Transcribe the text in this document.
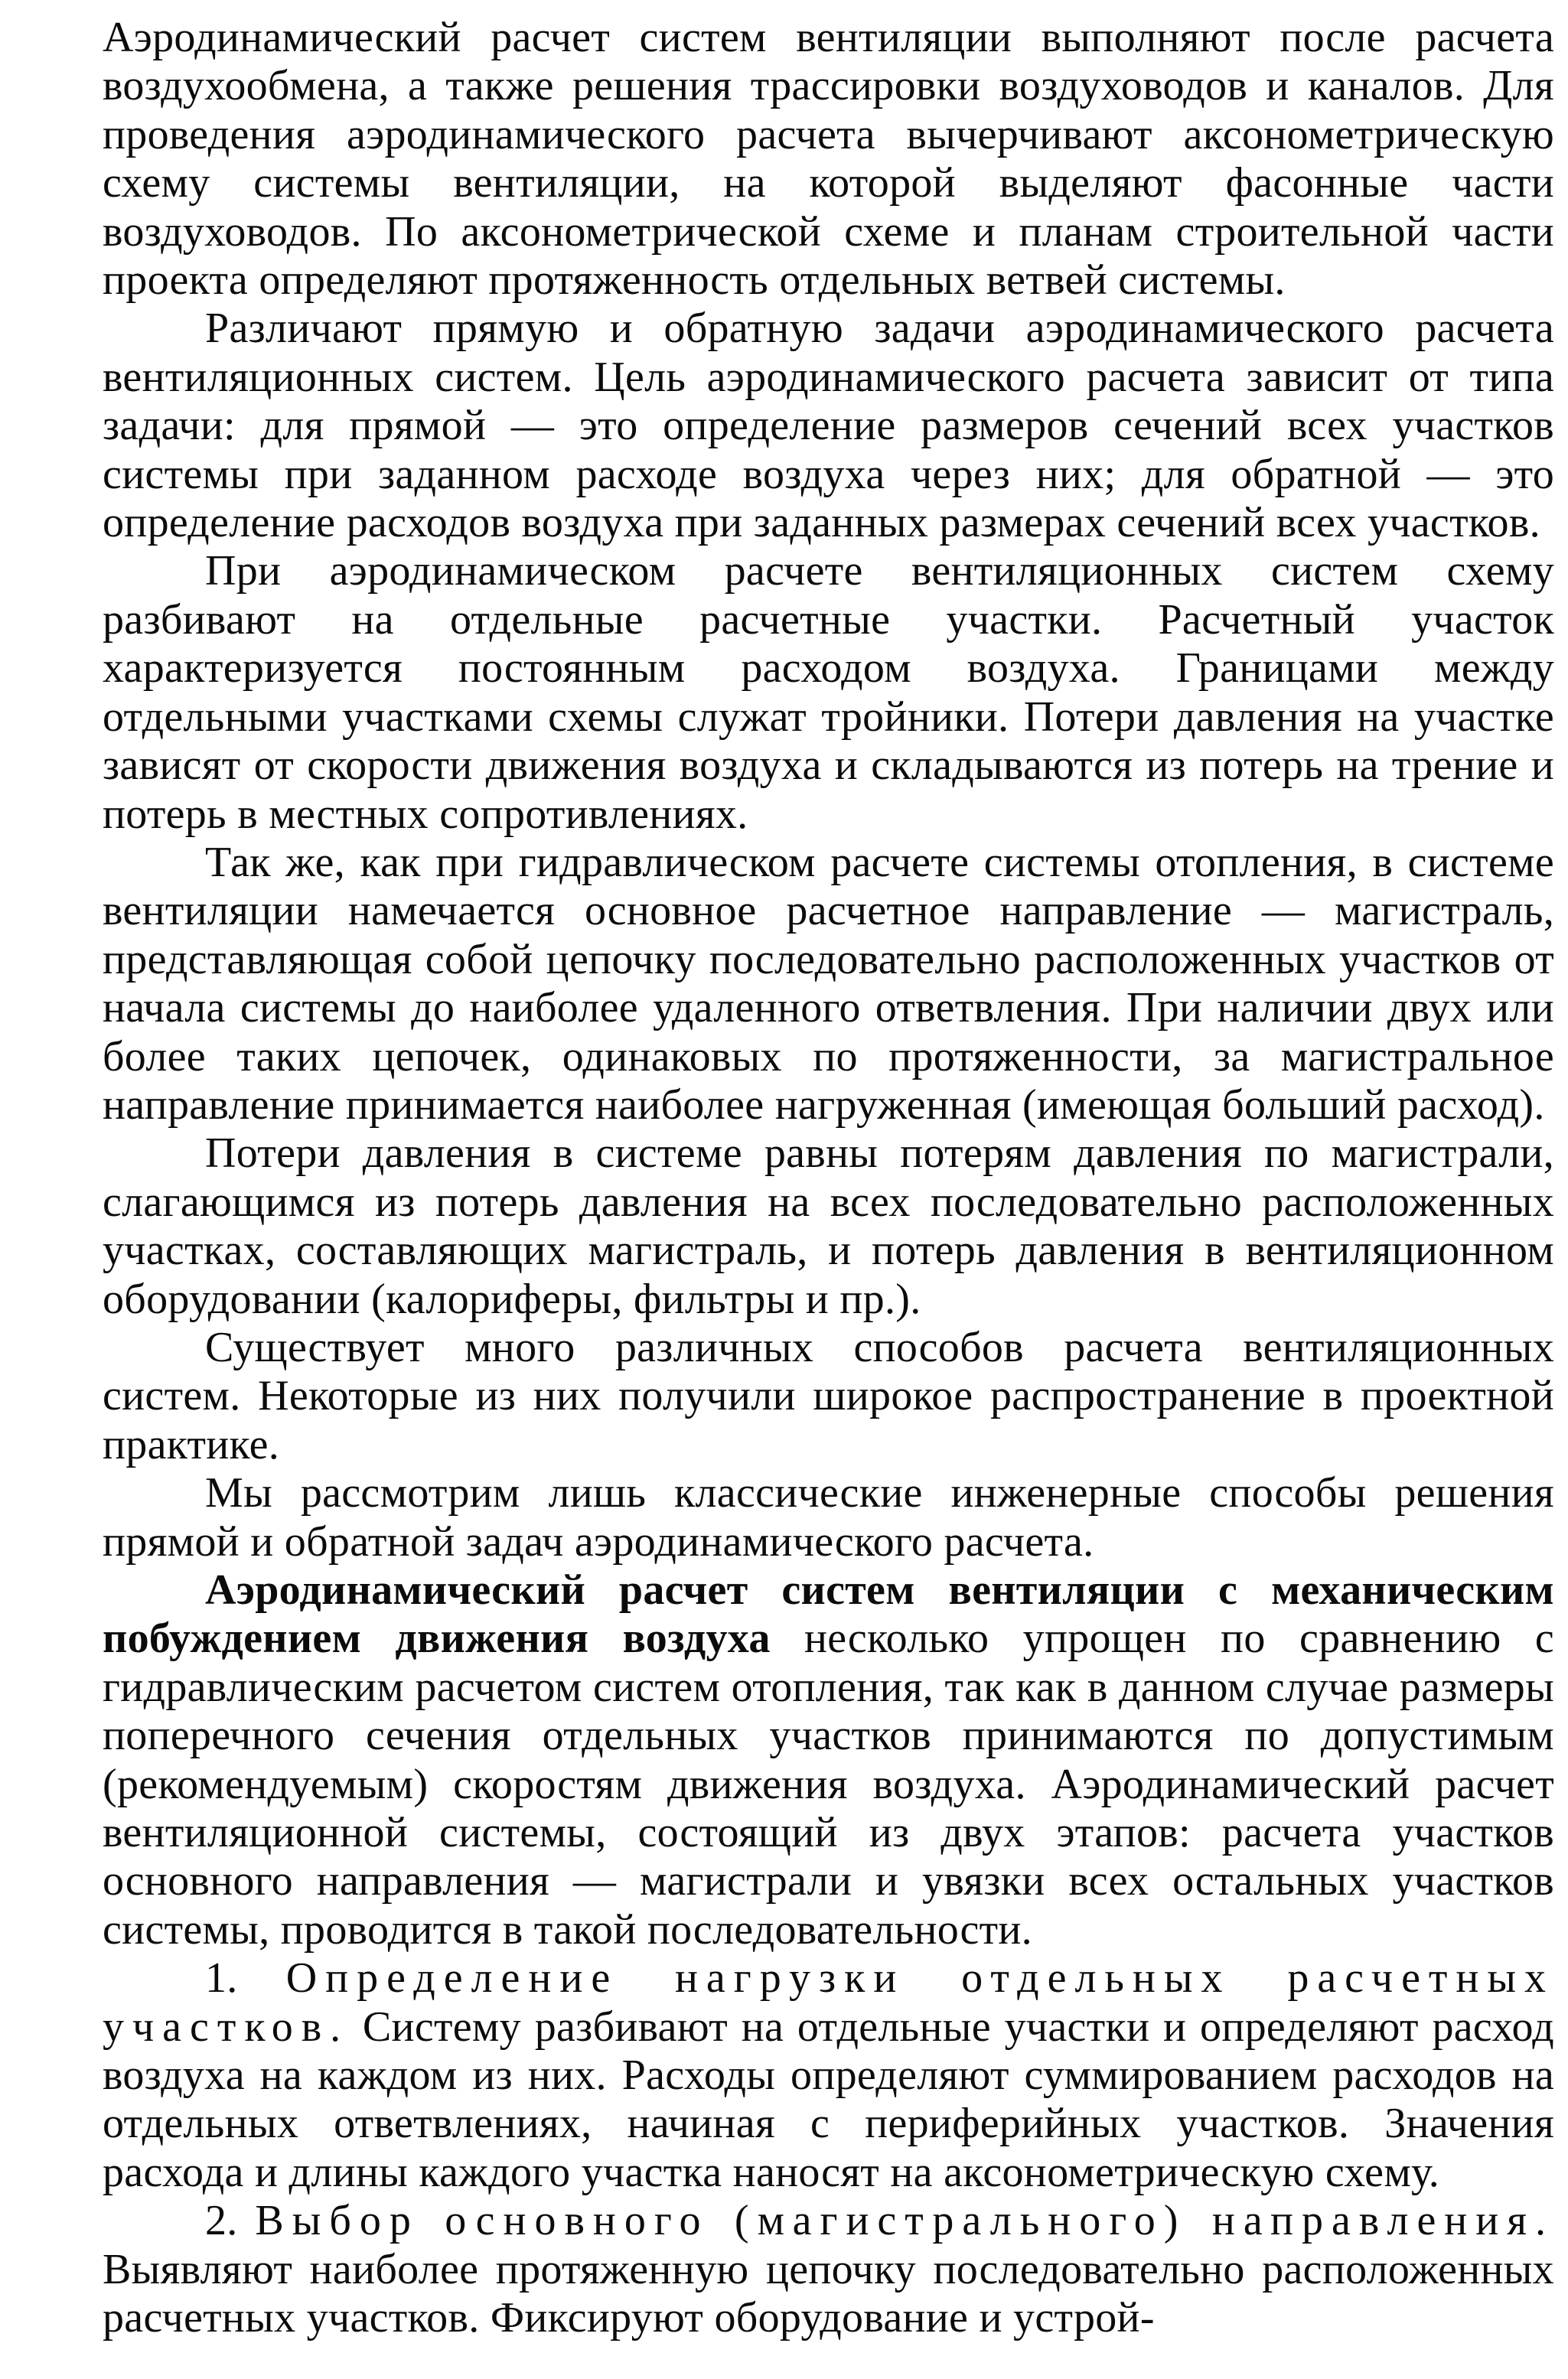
Аэродинамический расчет систем вентиляции выполняют после расчета воздухообмена, а также решения трассировки воздуховодов и каналов. Для проведения аэродинамического расчета вычерчивают аксонометрическую схему системы вентиляции, на которой выделяют фасонные части воздуховодов. По аксонометрической схеме и планам строительной части проекта определяют протяженность отдельных ветвей системы.

Различают прямую и обратную задачи аэродинамического расчета вентиляционных систем. Цель аэродинамического расчета зависит от типа задачи: для прямой — это определение размеров сечений всех участков системы при заданном расходе воздуха через них; для обратной — это определение расходов воздуха при заданных размерах сечений всех участков.

При аэродинамическом расчете вентиляционных систем схему разбивают на отдельные расчетные участки. Расчетный участок характеризуется постоянным расходом воздуха. Границами между отдельными участками схемы служат тройники. Потери давления на участке зависят от скорости движения воздуха и складываются из потерь на трение и потерь в местных сопротивлениях.

Так же, как при гидравлическом расчете системы отопления, в системе вентиляции намечается основное расчетное направление — магистраль, представляющая собой цепочку последовательно расположенных участков от начала системы до наиболее удаленного ответвления. При наличии двух или более таких цепочек, одинаковых по протяженности, за магистральное направление принимается наиболее нагруженная (имеющая больший расход).

Потери давления в системе равны потерям давления по магистрали, слагающимся из потерь давления на всех последовательно расположенных участках, составляющих магистраль, и потерь давления в вентиляционном оборудовании (калориферы, фильтры и пр.).

Существует много различных способов расчета вентиляционных систем. Некоторые из них получили широкое распространение в проектной практике.

Мы рассмотрим лишь классические инженерные способы решения прямой и обратной задач аэродинамического расчета.

Аэродинамический расчет систем вентиляции с механическим побуждением движения воздуха несколько упрощен по сравнению с гидравлическим расчетом систем отопления, так как в данном случае размеры поперечного сечения отдельных участков принимаются по допустимым (рекомендуемым) скоростям движения воздуха. Аэродинамический расчет вентиляционной системы, состоящий из двух этапов: расчета участков основного направления — магистрали и увязки всех остальных участков системы, проводится в такой последовательности.

1. Определение нагрузки отдельных расчетных участков. Систему разбивают на отдельные участки и определяют расход воздуха на каждом из них. Расходы определяют суммированием расходов на отдельных ответвлениях, начиная с периферийных участков. Значения расхода и длины каждого участка наносят на аксонометрическую схему.

2. Выбор основного (магистрального) направления. Выявляют наиболее протяженную цепочку последовательно расположенных расчетных участков. Фиксируют оборудование и устрой-
